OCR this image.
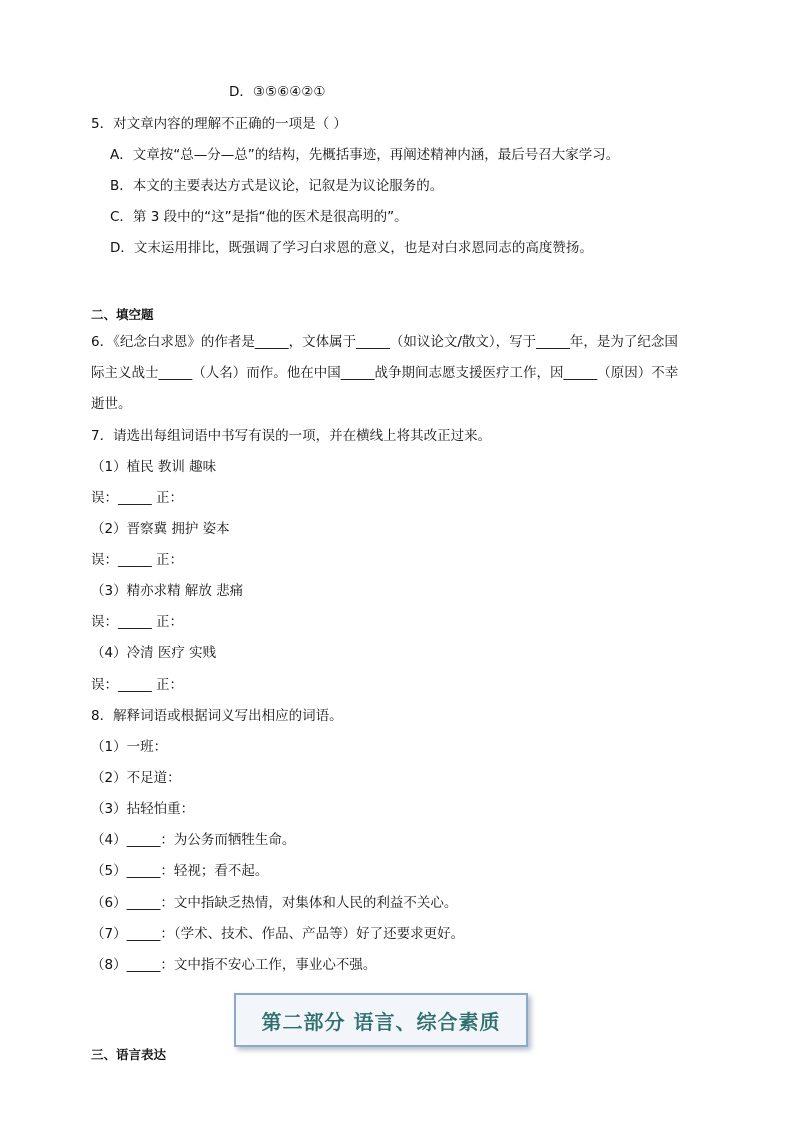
D．③⑤⑥④②①
5．对文章内容的理解不正确的一项是（ ）
A．文章按“总—分—总”的结构，先概括事迹，再阐述精神内涵，最后号召大家学习。
B．本文的主要表达方式是议论，记叙是为议论服务的。
C．第 3 段中的“这”是指“他的医术是很高明的”。
D．文末运用排比，既强调了学习白求恩的意义，也是对白求恩同志的高度赞扬。
二、填空题
6．《纪念白求恩》的作者是_____，文体属于_____（如议论文/散文），写于_____年，是为了纪念国
际主义战士_____（人名）而作。他在中国_____战争期间志愿支援医疗工作，因_____（原因）不幸
逝世。
7．请选出每组词语中书写有误的一项，并在横线上将其改正过来。
（1）植民 教训 趣味
误：_____ 正：
（2）晋察冀 拥护 姿本
误：_____ 正：
（3）精亦求精 解放 悲痛
误：_____ 正：
（4）冷清 医疗 实贱
误：_____ 正：
8．解释词语或根据词义写出相应的词语。
（1）一班：
（2）不足道：
（3）拈轻怕重：
（4）_____：为公务而牺牲生命。
（5）_____：轻视；看不起。
（6）_____：文中指缺乏热情，对集体和人民的利益不关心。
（7）_____：（学术、技术、作品、产品等）好了还要求更好。
（8）_____：文中指不安心工作，事业心不强。
第二部分 语言、综合素质
三、语言表达
